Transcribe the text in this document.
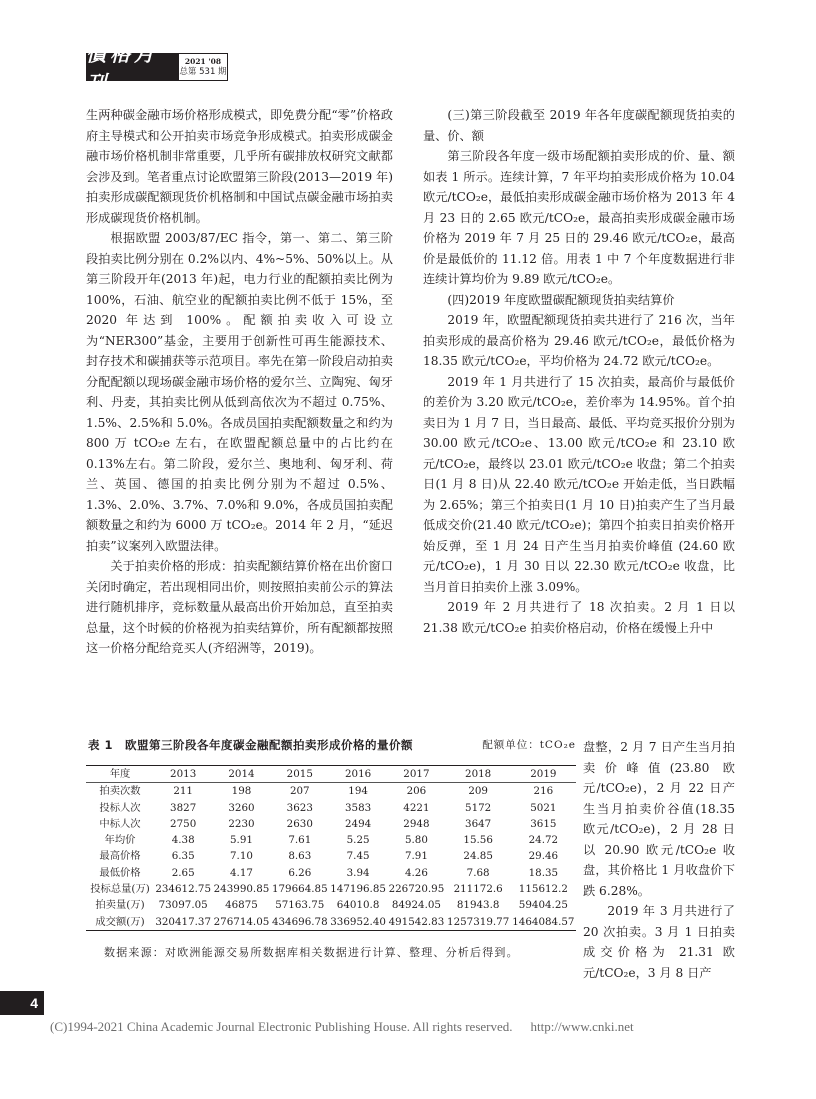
價格月刊
2021 '08
总第 531 期

生两种碳金融市场价格形成模式，即免费分配“零”价格政府主导模式和公开拍卖市场竞争形成模式。拍卖形成碳金融市场价格机制非常重要，几乎所有碳排放权研究文献都会涉及到。笔者重点讨论欧盟第三阶段(2013—2019 年)拍卖形成碳配额现货价机格制和中国试点碳金融市场拍卖形成碳现货价格机制。

根据欧盟 2003/87/EC 指令，第一、第二、第三阶段拍卖比例分别在 0.2%以内、4%~5%、50%以上。从第三阶段开年(2013 年)起，电力行业的配额拍卖比例为 100%，石油、航空业的配额拍卖比例不低于 15%，至 2020 年达到 100%。配额拍卖收入可设立为“NER300”基金，主要用于创新性可再生能源技术、封存技术和碳捕获等示范项目。率先在第一阶段启动拍卖分配配额以现场碳金融市场价格的爱尔兰、立陶宛、匈牙利、丹麦，其拍卖比例从低到高依次为不超过 0.75%、1.5%、2.5%和 5.0%。各成员国拍卖配额数量之和约为 800 万 tCO₂e 左右，在欧盟配额总量中的占比约在 0.13%左右。第二阶段，爱尔兰、奥地利、匈牙利、荷兰、英国、德国的拍卖比例分别为不超过 0.5%、1.3%、2.0%、3.7%、7.0%和 9.0%，各成员国拍卖配额数量之和约为 6000 万 tCO₂e。2014 年 2 月，“延迟拍卖”议案列入欧盟法律。

关于拍卖价格的形成：拍卖配额结算价格在出价窗口关闭时确定，若出现相同出价，则按照拍卖前公示的算法进行随机排序，竞标数量从最高出价开始加总，直至拍卖总量，这个时候的价格视为拍卖结算价，所有配额都按照这一价格分配给竞买人(齐绍洲等，2019)。

(三)第三阶段截至 2019 年各年度碳配额现货拍卖的量、价、额

第三阶段各年度一级市场配额拍卖形成的价、量、额如表 1 所示。连续计算，7 年平均拍卖形成价格为 10.04 欧元/tCO₂e，最低拍卖形成碳金融市场价格为 2013 年 4 月 23 日的 2.65 欧元/tCO₂e，最高拍卖形成碳金融市场价格为 2019 年 7 月 25 日的 29.46 欧元/tCO₂e，最高价是最低价的 11.12 倍。用表 1 中 7 个年度数据进行非连续计算均价为 9.89 欧元/tCO₂e。

(四)2019 年度欧盟碳配额现货拍卖结算价

2019 年，欧盟配额现货拍卖共进行了 216 次，当年拍卖形成的最高价格为 29.46 欧元/tCO₂e，最低价格为 18.35 欧元/tCO₂e，平均价格为 24.72 欧元/tCO₂e。

2019 年 1 月共进行了 15 次拍卖，最高价与最低价的差价为 3.20 欧元/tCO₂e，差价率为 14.95%。首个拍卖日为 1 月 7 日，当日最高、最低、平均竞买报价分别为 30.00 欧元/tCO₂e、13.00 欧元/tCO₂e 和 23.10 欧元/tCO₂e，最终以 23.01 欧元/tCO₂e 收盘；第二个拍卖日(1 月 8 日)从 22.40 欧元/tCO₂e 开始走低，当日跌幅为 2.65%；第三个拍卖日(1 月 10 日)拍卖产生了当月最低成交价(21.40 欧元/tCO₂e)；第四个拍卖日拍卖价格开始反弹，至 1 月 24 日产生当月拍卖价峰值 (24.60 欧元/tCO₂e)，1 月 30 日以 22.30 欧元/tCO₂e 收盘，比当月首日拍卖价上涨 3.09%。

2019 年 2 月共进行了 18 次拍卖。2 月 1 日以 21.38 欧元/tCO₂e 拍卖价格启动，价格在缓慢上升中

盘整，2 月 7 日产生当月拍卖价峰值(23.80 欧元/tCO₂e)，2 月 22 日产生当月拍卖价谷值(18.35 欧元/tCO₂e)，2 月 28 日以 20.90 欧元/tCO₂e 收盘，其价格比 1 月收盘价下跌 6.28%。

2019 年 3 月共进行了 20 次拍卖。3 月 1 日拍卖成交价格为 21.31 欧元/tCO₂e，3 月 8 日产

表 1　欧盟第三阶段各年度碳金融配额拍卖形成价格的量价额	配额单位：tCO₂e
年度	2013	2014	2015	2016	2017	2018	2019
拍卖次数	211	198	207	194	206	209	216
投标人次	3827	3260	3623	3583	4221	5172	5021
中标人次	2750	2230	2630	2494	2948	3647	3615
年均价	4.38	5.91	7.61	5.25	5.80	15.56	24.72
最高价格	6.35	7.10	8.63	7.45	7.91	24.85	29.46
最低价格	2.65	4.17	6.26	3.94	4.26	7.68	18.35
投标总量(万)	234612.75	243990.85	179664.85	147196.85	226720.95	211172.6	115612.2
拍卖量(万)	73097.05	46875	57163.75	64010.8	84924.05	81943.8	59404.25
成交额(万)	320417.37	276714.05	434696.78	336952.40	491542.83	1257319.77	1464084.57
数据来源：对欧洲能源交易所数据库相关数据进行计算、整理、分析后得到。
4
(C)1994-2021 China Academic Journal Electronic Publishing House. All rights reserved. http://www.cnki.net
